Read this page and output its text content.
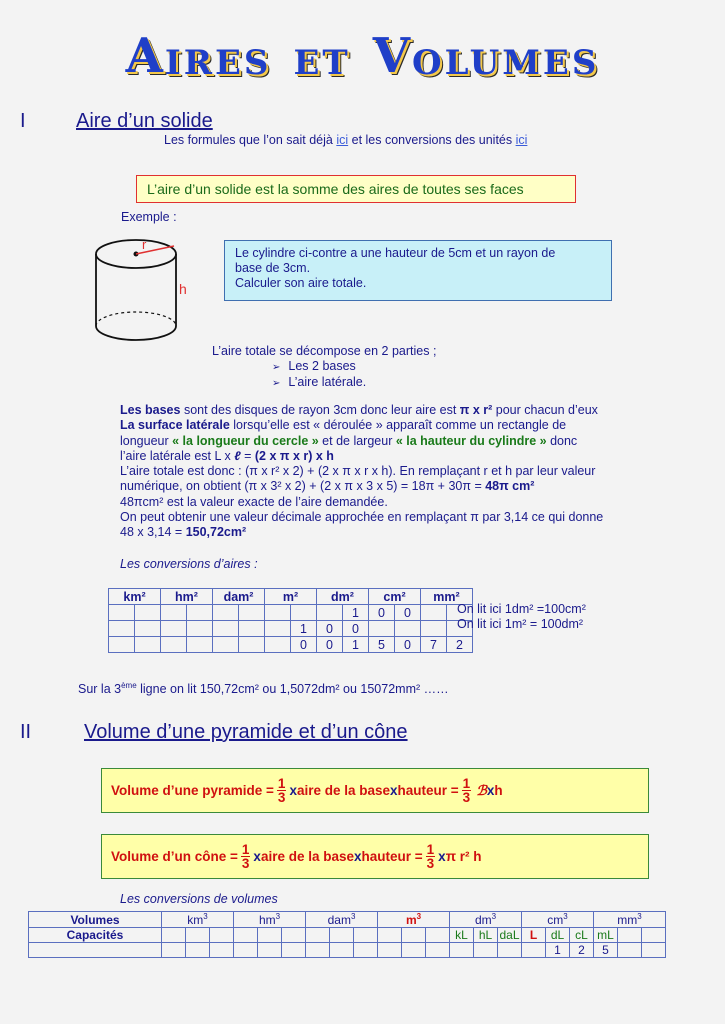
A IRES ET V OLUMES
I	Aire d’un solide
Les formules que l’on sait déjà ici et les conversions des unités ici
L’aire d’un solide est la somme des aires de toutes ses faces
Exemple :
r
h
Le cylindre ci-contre a une hauteur de 5cm et un rayon de
base de 3cm.
Calculer son aire totale.
L’aire totale se décompose en 2 parties ;
➢ Les 2 bases
➢ L’aire latérale.
Les bases sont des disques de rayon 3cm donc leur aire est π x r² pour chacun d’eux
La surface latérale lorsqu’elle est « déroulée » apparaît comme un rectangle de
longueur « la longueur du cercle » et de largeur « la hauteur du cylindre » donc
l’aire latérale est L x ℓ = (2 x π x r) x h
L’aire totale est donc : (π x r² x 2) + (2 x π x r x h). En remplaçant r et h par leur valeur
numérique, on obtient (π x 3² x 2) + (2 x π x 3 x 5) = 18π + 30π = 48π cm²
48πcm² est la valeur exacte de l’aire demandée.
On peut obtenir une valeur décimale approchée en remplaçant π par 3,14 ce qui donne
48 x 3,14 = 150,72cm²
Les conversions d’aires :
km²		hm²		dam²		m²		dm²		cm²		mm²	
									1	0	0		
							1	0	0				
							0	0	1	5	0	7	2
On lit ici 1dm² =100cm²
On lit ici 1m² = 100dm²
Sur la 3ème ligne on lit 150,72cm² ou 1,5072dm² ou 15072mm² ……
II	Volume d’une pyramide et d’un cône
Volume d’une pyramide = $\frac{1}{3}$ x aire de la base x hauteur = $\frac{1}{3}$ ℬ x h
Volume d’un cône = $\frac{1}{3}$ x aire de la base x hauteur = $\frac{1}{3}$ x π r² h
Les conversions de volumes
Volumes	$km^3$			$hm^3$			dam$^3$			$m^3$			$dm^3$			$cm^3$			$mm^3$
Capacités													kL	hL	daL	L	dL	cL	mL		
																	1	2	5		
